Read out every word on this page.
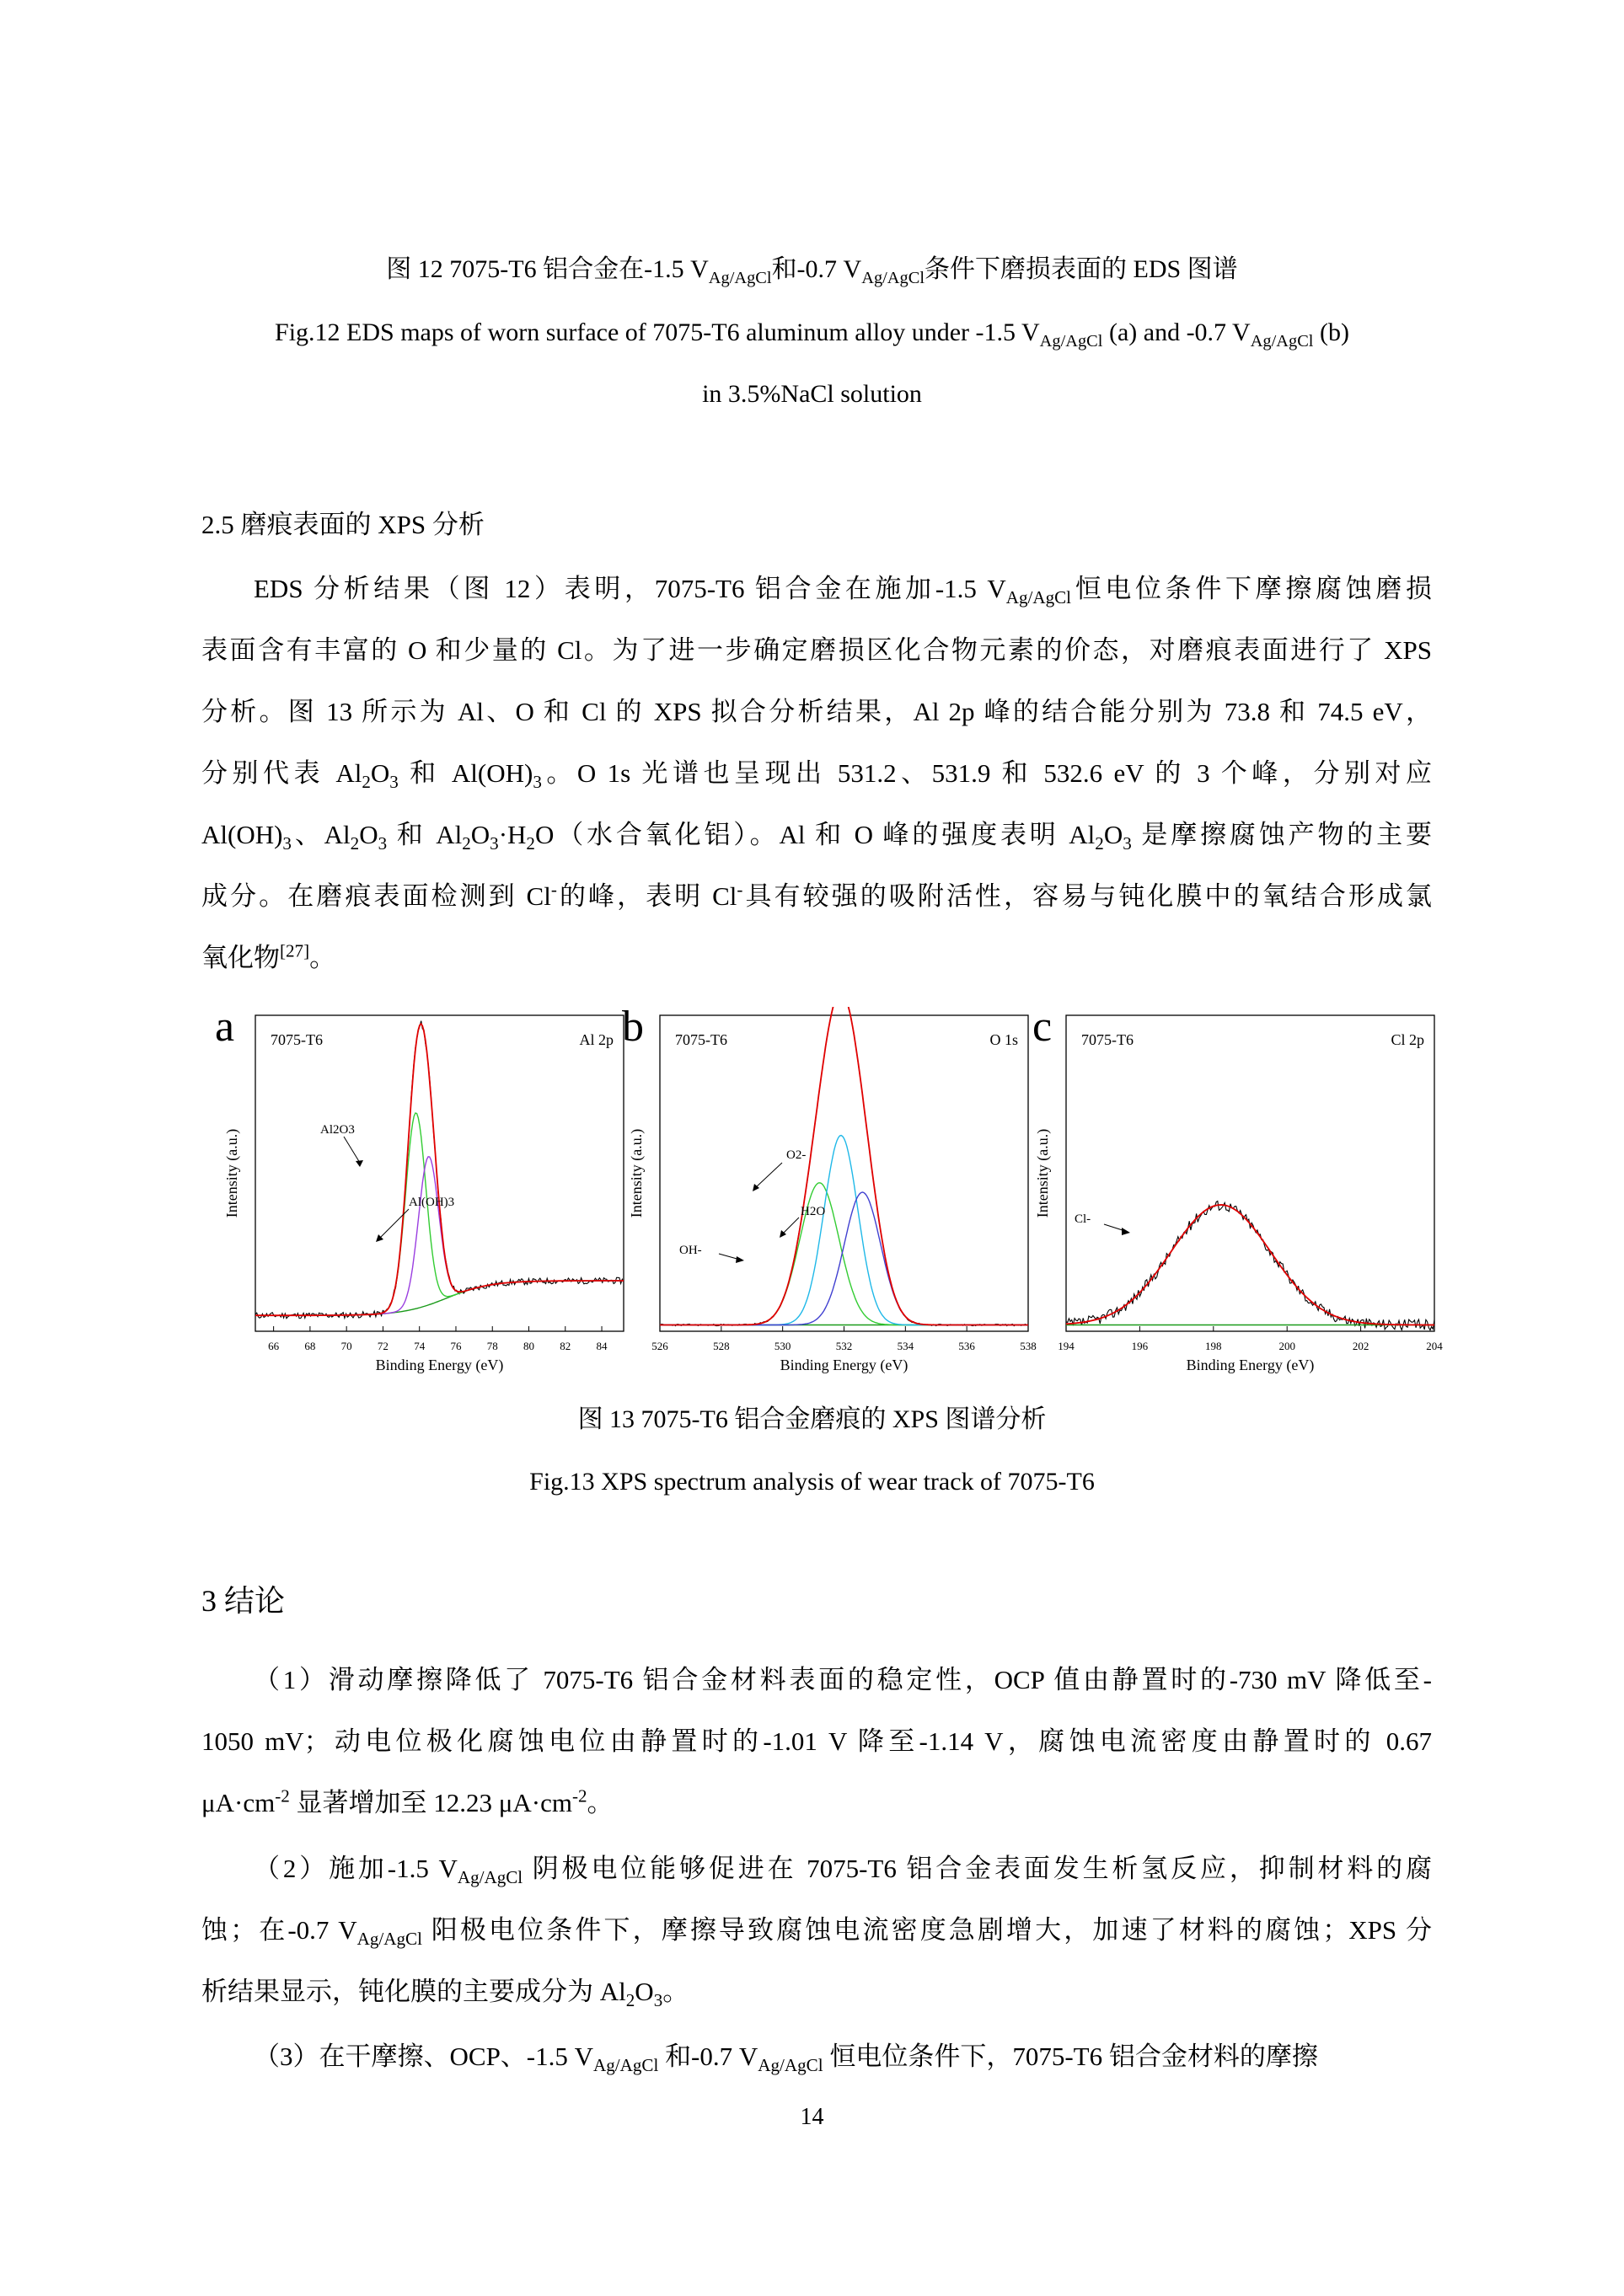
图 12 7075-T6 铝合金在-1.5 $V_{Ag/AgCl}$和-0.7 $V_{Ag/AgCl}$条件下磨损表面的 EDS 图谱
Fig.12 EDS maps of worn surface of 7075-T6 aluminum alloy under -1.5 $V_{Ag/AgCl}$ (a) and -0.7 $V_{Ag/AgCl}$ (b)
in 3.5%NaCl solution
2.5 磨痕表面的 XPS 分析
EDS 分析结果（图 12）表明，7075-T6 铝合金在施加-1.5 $V_{Ag/AgCl}$恒电位条件下摩擦腐蚀磨损
表面含有丰富的 O 和少量的 Cl。为了进一步确定磨损区化合物元素的价态，对磨痕表面进行了 XPS
分析。图 13 所示为 Al、O 和 Cl 的 XPS 拟合分析结果，Al 2p 峰的结合能分别为 73.8 和 74.5 eV，
分别代表 $Al_2O_3$ 和 $Al(OH)_3$。O 1s 光谱也呈现出 531.2、531.9 和 532.6 eV 的 3 个峰，分别对应
$Al(OH)_3$、$Al_2O_3$ 和 $Al_2O_3\cdot H_2O$（水合氧化铝）。Al 和 O 峰的强度表明 $Al_2O_3$ 是摩擦腐蚀产物的主要
成分。在磨痕表面检测到 Cl-的峰，表明 Cl-具有较强的吸附活性，容易与钝化膜中的氧结合形成氯
氧化物[27]。
66 68 70 72 74 76 78 80 82 84
Binding Energy (eV)
Intensity (a.u.)
7075-T6	Al 2p
a
Al2O3
Al(OH)3
526	528	530	532	534	536	538
Binding Energy (eV)
Intensity (a.u.)
7075-T6	O 1s
b
O2-
H2O
OH-
194	196	198	200	202	204
Binding Energy (eV)
Intensity (a.u.)
7075-T6	Cl 2p
c
Cl-
图 13 7075-T6 铝合金磨痕的 XPS 图谱分析
Fig.13 XPS spectrum analysis of wear track of 7075-T6
3 结论
（1）滑动摩擦降低了 7075-T6 铝合金材料表面的稳定性，OCP 值由静置时的-730 mV 降低至-
1050 mV；动电位极化腐蚀电位由静置时的-1.01 V 降至-1.14 V，腐蚀电流密度由静置时的 0.67
$\mu A\cdot cm^{-2}$ 显著增加至 12.23 $\mu A\cdot cm^{-2}$。
（2）施加-1.5 $V_{Ag/AgCl}$ 阴极电位能够促进在 7075-T6 铝合金表面发生析氢反应，抑制材料的腐
蚀；在-0.7 $V_{Ag/AgCl}$ 阳极电位条件下，摩擦导致腐蚀电流密度急剧增大，加速了材料的腐蚀；XPS 分
析结果显示，钝化膜的主要成分为 $Al_2O_3$。
（3）在干摩擦、OCP、-1.5 $V_{Ag/AgCl}$ 和-0.7 $V_{Ag/AgCl}$ 恒电位条件下，7075-T6 铝合金材料的摩擦
14
